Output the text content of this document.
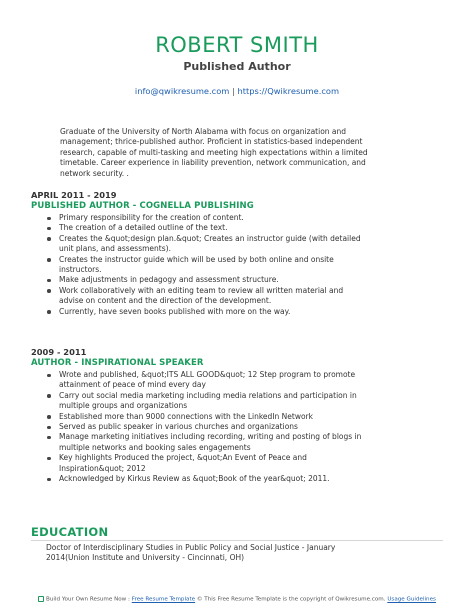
ROBERT SMITH
Published Author
info@qwikresume.com | https://Qwikresume.com
Graduate of the University of North Alabama with focus on organization and
management; thrice-published author. Proficient in statistics-based independent
research, capable of multi-tasking and meeting high expectations within a limited
timetable. Career experience in liability prevention, network communication, and
network security. .
APRIL 2011 - 2019
PUBLISHED AUTHOR - COGNELLA PUBLISHING
Primary responsibility for the creation of content.
The creation of a detailed outline of the text.
Creates the &quot;design plan.&quot; Creates an instructor guide (with detailed
unit plans, and assessments).
Creates the instructor guide which will be used by both online and onsite
instructors.
Make adjustments in pedagogy and assessment structure.
Work collaboratively with an editing team to review all written material and
advise on content and the direction of the development.
Currently, have seven books published with more on the way.
2009 - 2011
AUTHOR - INSPIRATIONAL SPEAKER
Wrote and published, &quot;ITS ALL GOOD&quot; 12 Step program to promote
attainment of peace of mind every day
Carry out social media marketing including media relations and participation in
multiple groups and organizations
Established more than 9000 connections with the LinkedIn Network
Served as public speaker in various churches and organizations
Manage marketing initiatives including recording, writing and posting of blogs in
multiple networks and booking sales engagements
Key highlights Produced the project, &quot;An Event of Peace and
Inspiration&quot; 2012
Acknowledged by Kirkus Review as &quot;Book of the year&quot; 2011.
EDUCATION
Doctor of Interdisciplinary Studies in Public Policy and Social Justice - January
2014(Union Institute and University - Cincinnati, OH)
Build Your Own Resume Now : Free Resume Template © This Free Resume Template is the copyright of Qwikresume.com. Usage Guidelines
